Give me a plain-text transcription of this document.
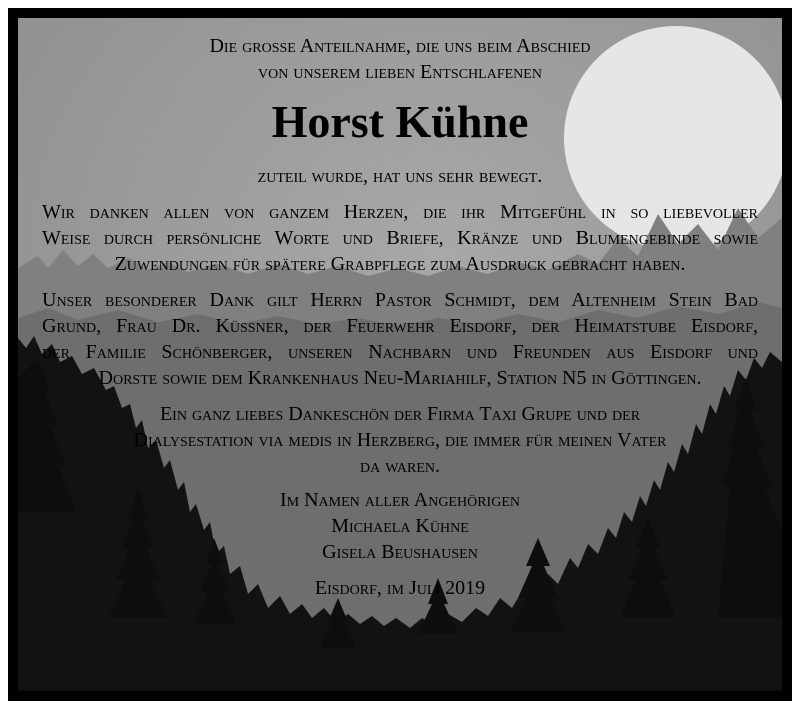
Die grosse Anteilnahme, die uns beim Abschied
von unserem lieben Entschlafenen
Horst Kühne
zuteil wurde, hat uns sehr bewegt.
Wir danken allen von ganzem Herzen, die ihr Mitgefühl in so liebevoller
Weise durch persönliche Worte und Briefe, Kränze und Blumengebinde sowie
Zuwendungen für spätere Grabpflege zum Ausdruck gebracht haben.
Unser besonderer Dank gilt Herrn Pastor Schmidt, dem Altenheim Stein Bad
Grund, Frau Dr. Küssner, der Feuerwehr Eisdorf, der Heimatstube Eisdorf,
der Familie Schönberger, unseren Nachbarn und Freunden aus Eisdorf und
Dorste sowie dem Krankenhaus Neu-Mariahilf, Station N5 in Göttingen.
Ein ganz liebes Dankeschön der Firma Taxi Grupe und der
Dialysestation via medis in Herzberg, die immer für meinen Vater
da waren.
Im Namen aller Angehörigen
Michaela Kühne
Gisela Beushausen
Eisdorf, im Juli 2019
